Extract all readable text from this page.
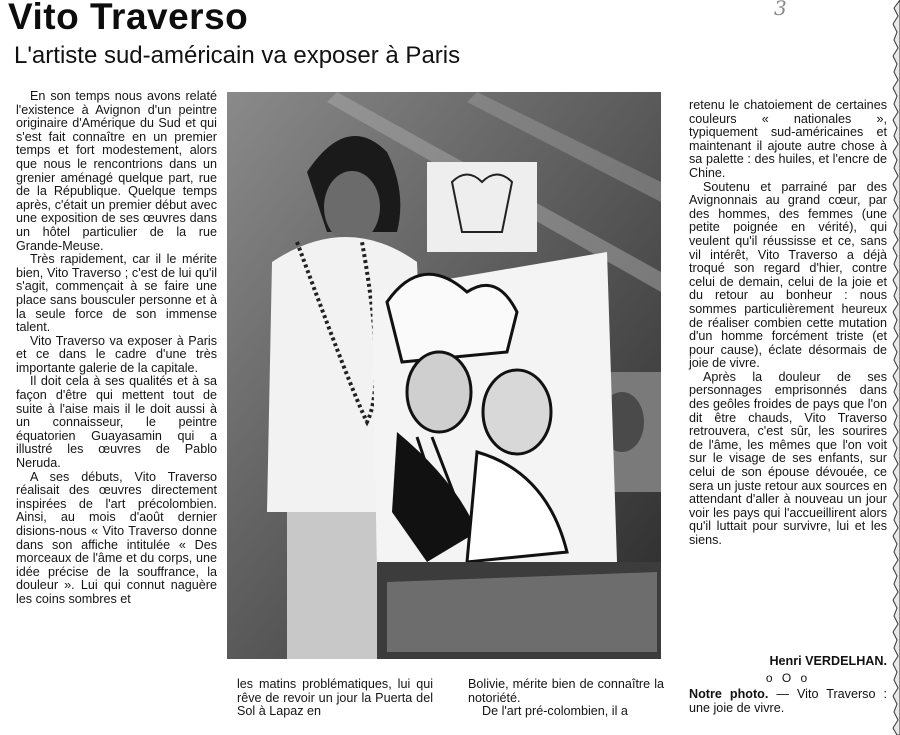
Vito Traverso
L'artiste sud-américain va exposer à Paris
3

En son temps nous avons relaté l'existence à Avignon d'un peintre originaire d'Amérique du Sud et qui s'est fait connaître en un premier temps et fort modestement, alors que nous le rencontrions dans un grenier aménagé quelque part, rue de la République. Quelque temps après, c'était un premier début avec une exposition de ses œuvres dans un hôtel particulier de la rue Grande-Meuse.

Très rapidement, car il le mérite bien, Vito Traverso ; c'est de lui qu'il s'agit, commençait à se faire une place sans bousculer personne et à la seule force de son immense talent.

Vito Traverso va exposer à Paris et ce dans le cadre d'une très importante galerie de la capitale.

Il doit cela à ses qualités et à sa façon d'être qui mettent tout de suite à l'aise mais il le doit aussi à un connaisseur, le peintre équatorien Guayasamin qui a illustré les œuvres de Pablo Neruda.

A ses débuts, Vito Traverso réalisait des œuvres directement inspirées de l'art précolombien. Ainsi, au mois d'août dernier disions-nous « Vito Traverso donne dans son affiche intitulée « Des morceaux de l'âme et du corps, une idée précise de la souffrance, la douleur ». Lui qui connut naguère les coins sombres et

les matins problématiques, lui qui rêve de revoir un jour la Puerta del Sol à Lapaz en

Bolivie, mérite bien de connaître la notoriété.

De l'art pré-colombien, il a

retenu le chatoiement de certaines couleurs « nationales », typiquement sud-américaines et maintenant il ajoute autre chose à sa palette : des huiles, et l'encre de Chine.

Soutenu et parrainé par des Avignonnais au grand cœur, par des hommes, des femmes (une petite poignée en vérité), qui veulent qu'il réussisse et ce, sans vil intérêt, Vito Traverso a déjà troqué son regard d'hier, contre celui de demain, celui de la joie et du retour au bonheur : nous sommes particulièrement heureux de réaliser combien cette mutation d'un homme forcément triste (et pour cause), éclate désormais de joie de vivre.

Après la douleur de ses personnages emprisonnés dans des geôles froides de pays que l'on dit être chauds, Vito Traverso retrouvera, c'est sûr, les sourires de l'âme, les mêmes que l'on voit sur le visage de ses enfants, sur celui de son épouse dévouée, ce sera un juste retour aux sources en attendant d'aller à nouveau un jour voir les pays qui l'accueillirent alors qu'il luttait pour survivre, lui et les siens.

Henri VERDELHAN.
o O o
Notre photo. — Vito Traverso : une joie de vivre.
